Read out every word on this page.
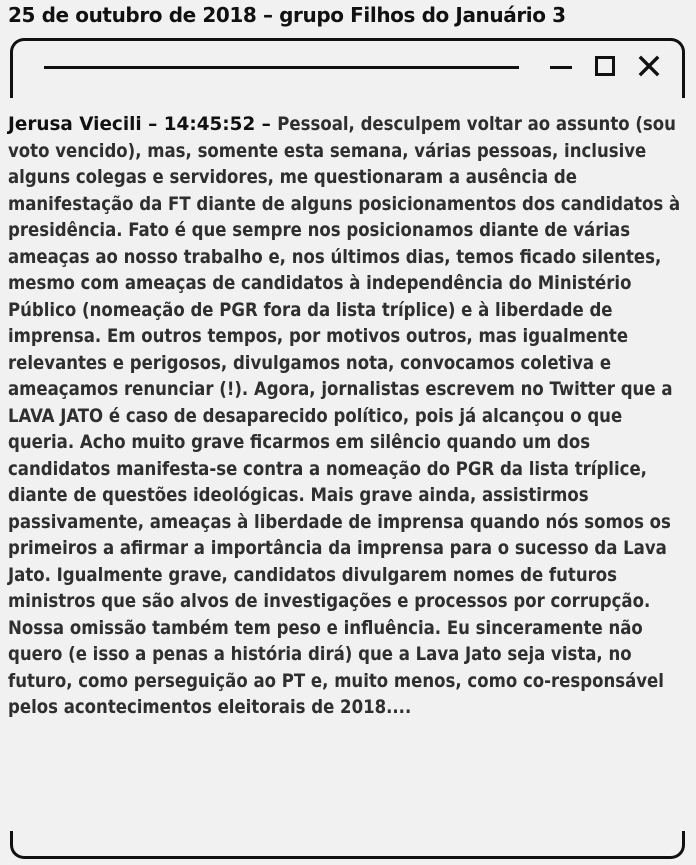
25 de outubro de 2018 – grupo Filhos do Januário 3
Jerusa Viecili – 14:45:52 – Pessoal, desculpem voltar ao assunto (sou voto vencido), mas, somente esta semana, várias pessoas, inclusive alguns colegas e servidores, me questionaram a ausência de manifestação da FT diante de alguns posicionamentos dos candidatos à presidência. Fato é que sempre nos posicionamos diante de várias ameaças ao nosso trabalho e, nos últimos dias, temos ficado silentes, mesmo com ameaças de candidatos à independência do Ministério Público (nomeação de PGR fora da lista tríplice) e à liberdade de imprensa. Em outros tempos, por motivos outros, mas igualmente relevantes e perigosos, divulgamos nota, convocamos coletiva e ameaçamos renunciar (!). Agora, jornalistas escrevem no Twitter que a LAVA JATO é caso de desaparecido político, pois já alcançou o que queria. Acho muito grave ficarmos em silêncio quando um dos candidatos manifesta-se contra a nomeação do PGR da lista tríplice, diante de questões ideológicas. Mais grave ainda, assistirmos passivamente, ameaças à liberdade de imprensa quando nós somos os primeiros a afirmar a importância da imprensa para o sucesso da Lava Jato. Igualmente grave, candidatos divulgarem nomes de futuros ministros que são alvos de investigações e processos por corrupção. Nossa omissão também tem peso e influência. Eu sinceramente não quero (e isso a penas a história dirá) que a Lava Jato seja vista, no futuro, como perseguição ao PT e, muito menos, como co-responsável pelos acontecimentos eleitorais de 2018....
